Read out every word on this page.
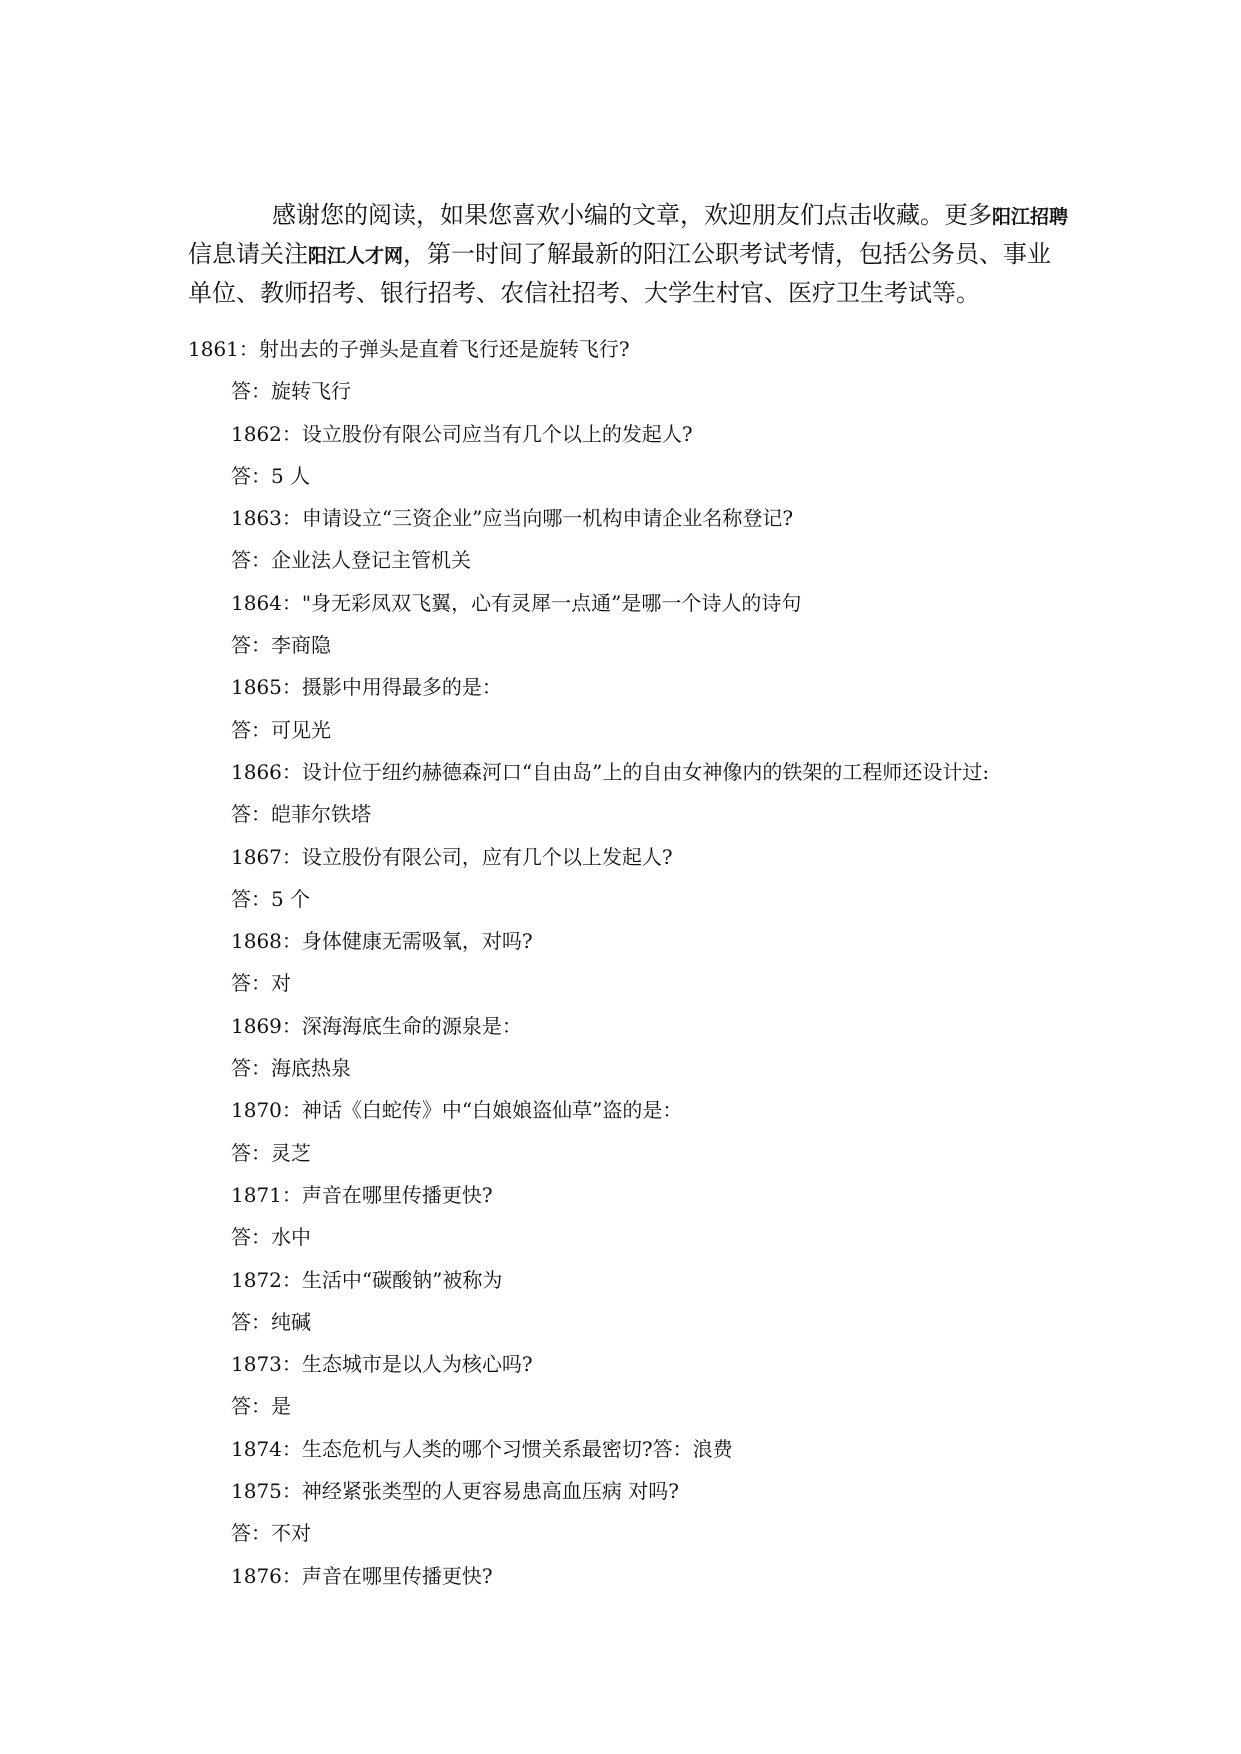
感谢您的阅读，如果您喜欢小编的文章，欢迎朋友们点击收藏。更多阳江招聘信息请关注阳江人才网，第一时间了解最新的阳江公职考试考情，包括公务员、事业单位、教师招考、银行招考、农信社招考、大学生村官、医疗卫生考试等。

1861：射出去的子弹头是直着飞行还是旋转飞行?
答：旋转飞行
1862：设立股份有限公司应当有几个以上的发起人?
答：5 人
1863：申请设立“三资企业”应当向哪一机构申请企业名称登记?
答：企业法人登记主管机关
1864："身无彩凤双飞翼，心有灵犀一点通”是哪一个诗人的诗句
答：李商隐
1865：摄影中用得最多的是：
答：可见光
1866：设计位于纽约赫德森河口“自由岛”上的自由女神像内的铁架的工程师还设计过:
答：皑菲尔铁塔
1867：设立股份有限公司，应有几个以上发起人?
答：5 个
1868：身体健康无需吸氧，对吗?
答：对
1869：深海海底生命的源泉是：
答：海底热泉
1870：神话《白蛇传》中“白娘娘盗仙草”盗的是：
答：灵芝
1871：声音在哪里传播更快?
答：水中
1872：生活中“碳酸钠”被称为
答：纯碱
1873：生态城市是以人为核心吗?
答：是
1874：生态危机与人类的哪个习惯关系最密切?答：浪费
1875：神经紧张类型的人更容易患高血压病 对吗?
答：不对
1876：声音在哪里传播更快?
